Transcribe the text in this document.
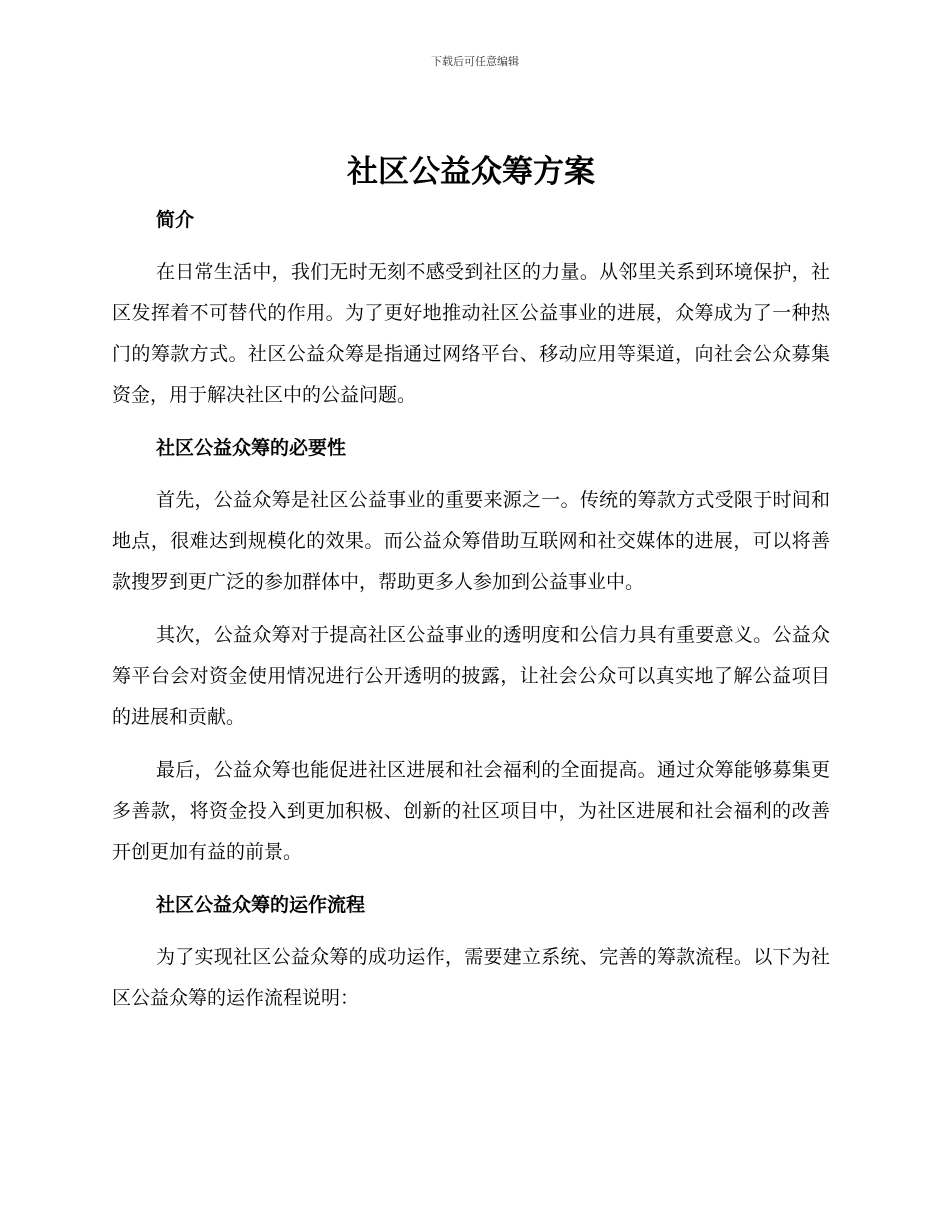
下载后可任意编辑
社区公益众筹方案
简介

在日常生活中，我们无时无刻不感受到社区的力量。从邻里关系到环境保护，社区发挥着不可替代的作用。为了更好地推动社区公益事业的进展，众筹成为了一种热门的筹款方式。社区公益众筹是指通过网络平台、移动应用等渠道，向社会公众募集资金，用于解决社区中的公益问题。

社区公益众筹的必要性

首先，公益众筹是社区公益事业的重要来源之一。传统的筹款方式受限于时间和地点，很难达到规模化的效果。而公益众筹借助互联网和社交媒体的进展，可以将善款搜罗到更广泛的参加群体中，帮助更多人参加到公益事业中。

其次，公益众筹对于提高社区公益事业的透明度和公信力具有重要意义。公益众筹平台会对资金使用情况进行公开透明的披露，让社会公众可以真实地了解公益项目的进展和贡献。

最后，公益众筹也能促进社区进展和社会福利的全面提高。通过众筹能够募集更多善款，将资金投入到更加积极、创新的社区项目中，为社区进展和社会福利的改善开创更加有益的前景。

社区公益众筹的运作流程

为了实现社区公益众筹的成功运作，需要建立系统、完善的筹款流程。以下为社区公益众筹的运作流程说明：
